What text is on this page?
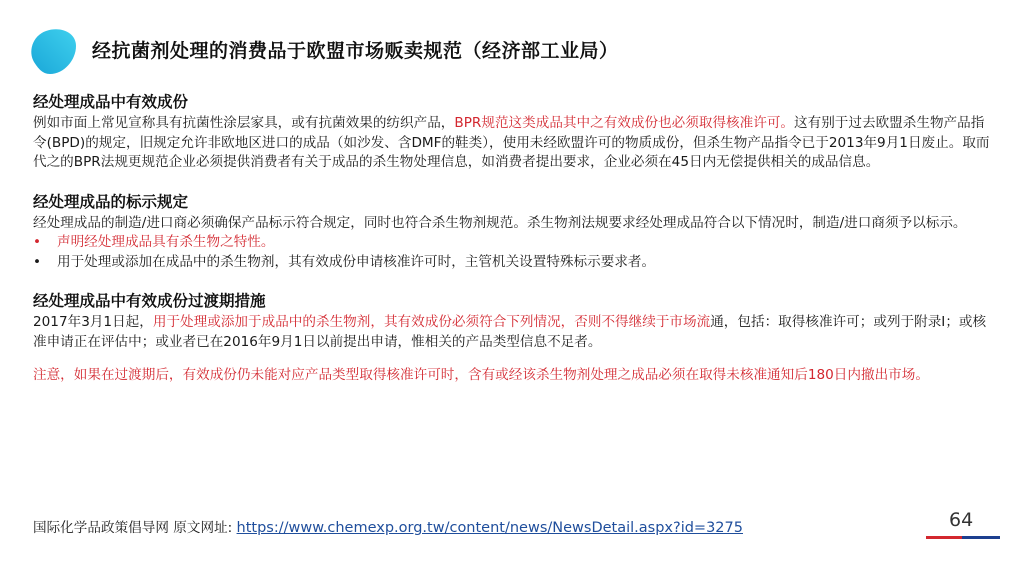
经抗菌剂处理的消费品于欧盟市场贩卖规范（经济部工业局）
经处理成品中有效成份
例如市面上常见宣称具有抗菌性涂层家具，或有抗菌效果的纺织产品，BPR规范这类成品其中之有效成份也必须取得核准许可。这有别于过去欧盟杀生物产品指令(BPD)的规定，旧规定允许非欧地区进口的成品（如沙发、含DMF的鞋类），使用未经欧盟许可的物质成份，但杀生物产品指令已于2013年9月1日废止。取而代之的BPR法规更规范企业必须提供消费者有关于成品的杀生物处理信息，如消费者提出要求，企业必须在45日内无偿提供相关的成品信息。
经处理成品的标示规定
经处理成品的制造/进口商必须确保产品标示符合规定，同时也符合杀生物剂规范。杀生物剂法规要求经处理成品符合以下情况时，制造/进口商须予以标示。
• 声明经处理成品具有杀生物之特性。
• 用于处理或添加在成品中的杀生物剂，其有效成份申请核准许可时，主管机关设置特殊标示要求者。
经处理成品中有效成份过渡期措施
2017年3月1日起，用于处理或添加于成品中的杀生物剂，其有效成份必须符合下列情况，否则不得继续于市场流通，包括：取得核准许可；或列于附录I；或核准申请正在评估中；或业者已在2016年9月1日以前提出申请，惟相关的产品类型信息不足者。
注意，如果在过渡期后，有效成份仍未能对应产品类型取得核准许可时，含有或经该杀生物剂处理之成品必须在取得未核准通知后180日内撤出市场。
国际化学品政策倡导网 原文网址: https://www.chemexp.org.tw/content/news/NewsDetail.aspx?id=3275	64
